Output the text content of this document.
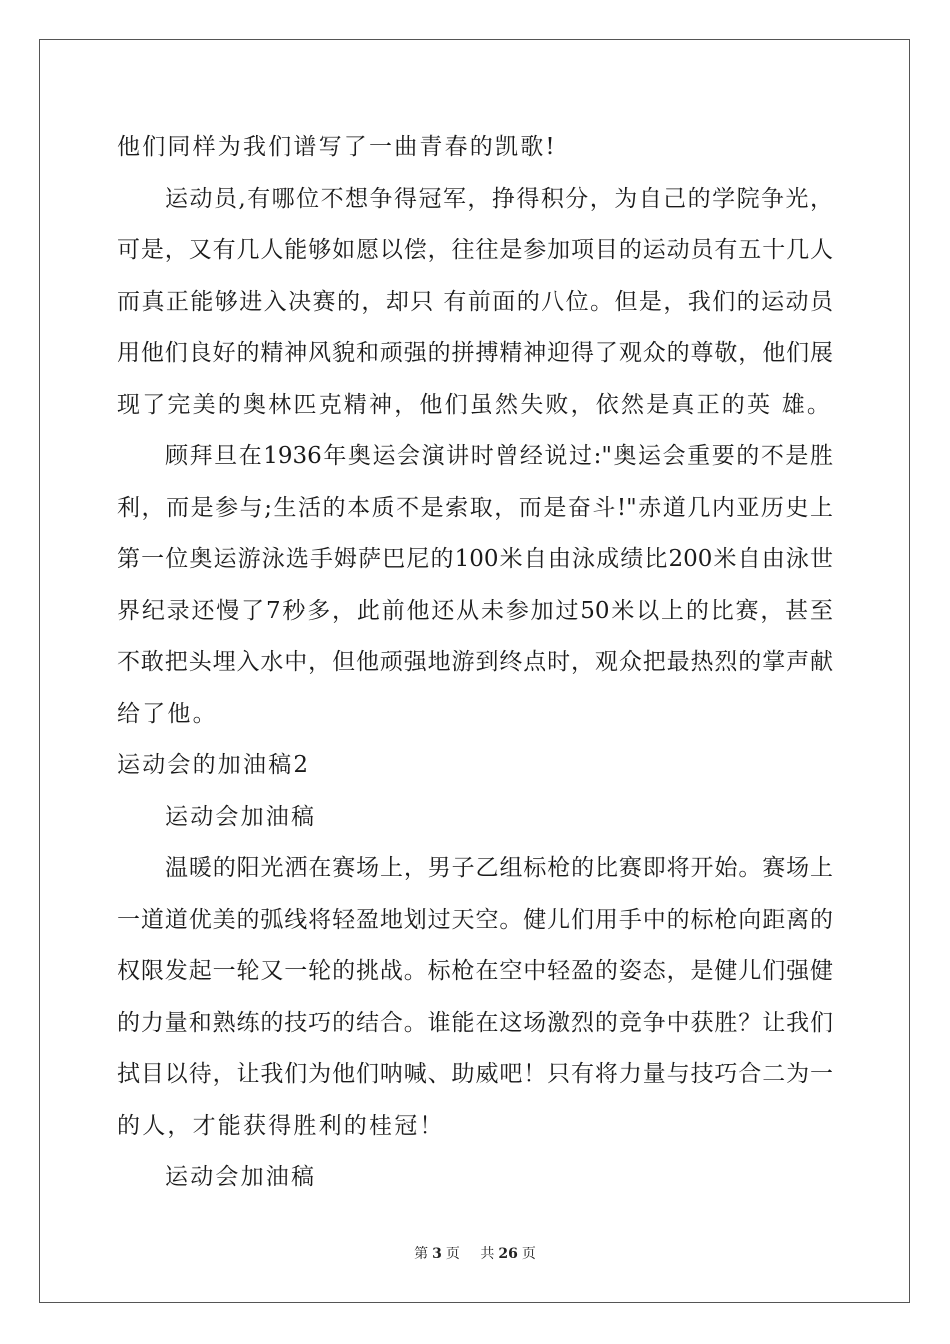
他们同样为我们谱写了一曲青春的凯歌!
运动员,有哪位不想争得冠军，挣得积分，为自己的学院争光，
可是，又有几人能够如愿以偿，往往是参加项目的运动员有五十几人
而真正能够进入决赛的，却只 有前面的八位。但是，我们的运动员
用他们良好的精神风貌和顽强的拼搏精神迎得了观众的尊敬，他们展
现了完美的奥林匹克精神，他们虽然失败，依然是真正的英 雄。
顾拜旦在1936年奥运会演讲时曾经说过:"奥运会重要的不是胜
利，而是参与;生活的本质不是索取，而是奋斗!"赤道几内亚历史上
第一位奥运游泳选手姆萨巴尼的100米自由泳成绩比200米自由泳世
界纪录还慢了7秒多，此前他还从未参加过50米以上的比赛，甚至
不敢把头埋入水中，但他顽强地游到终点时，观众把最热烈的掌声献
给了他。
运动会的加油稿2
运动会加油稿
温暖的阳光洒在赛场上，男子乙组标枪的比赛即将开始。赛场上
一道道优美的弧线将轻盈地划过天空。健儿们用手中的标枪向距离的
权限发起一轮又一轮的挑战。标枪在空中轻盈的姿态，是健儿们强健
的力量和熟练的技巧的结合。谁能在这场激烈的竞争中获胜？让我们
拭目以待，让我们为他们呐喊、助威吧！只有将力量与技巧合二为一
的人，才能获得胜利的桂冠！
运动会加油稿
第 3 页 共 26 页
